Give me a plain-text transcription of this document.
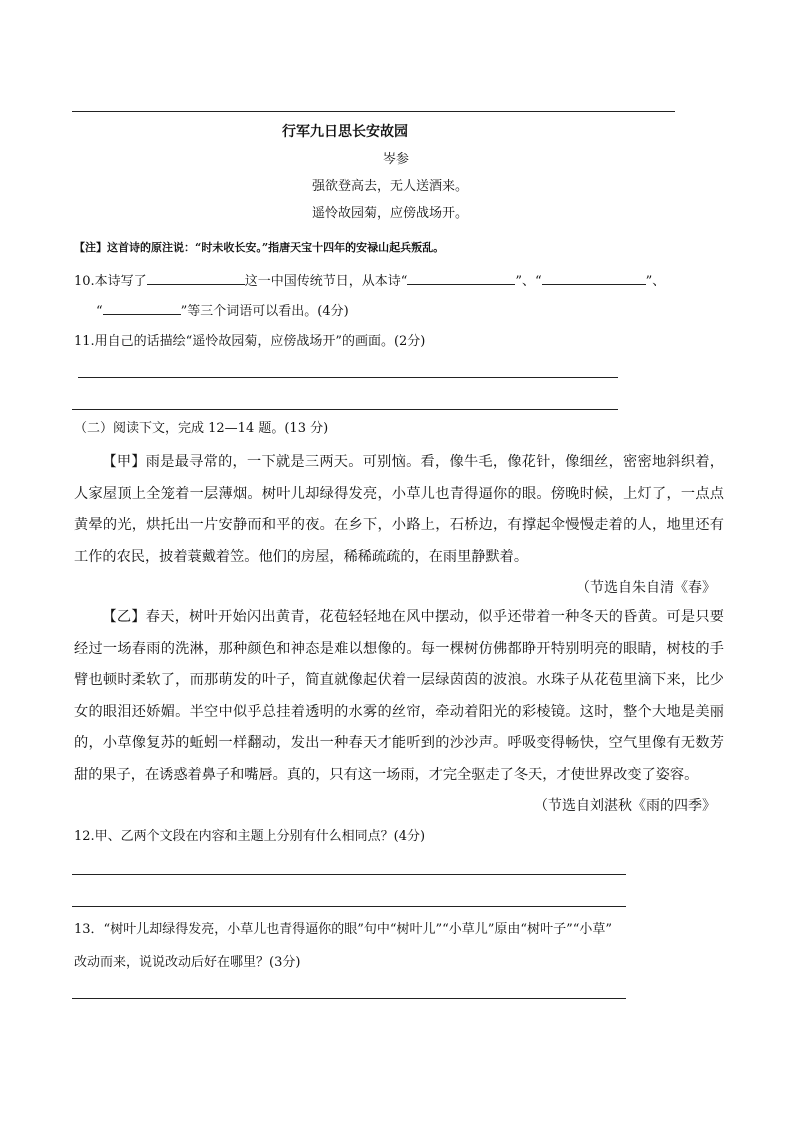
行军九日思长安故园
岑参
强欲登高去，无人送酒来。
遥怜故园菊，应傍战场开。
【注】这首诗的原注说：“时未收长安。”指唐天宝十四年的安禄山起兵叛乱。
10.本诗写了	这一中国传统节日，从本诗“	”、“	”、
“	”等三个词语可以看出。(4分)
11.用自己的话描绘“遥怜故园菊，应傍战场开”的画面。(2分)
（二）阅读下文，完成 12—14 题。(13 分)
【甲】雨是最寻常的，一下就是三两天。可别恼。看，像牛毛，像花针，像细丝，密密地斜织着，人家屋顶上全笼着一层薄烟。树叶儿却绿得发亮，小草儿也青得逼你的眼。傍晚时候，上灯了，一点点黄晕的光，烘托出一片安静而和平的夜。在乡下，小路上，石桥边，有撑起伞慢慢走着的人，地里还有工作的农民，披着蓑戴着笠。他们的房屋，稀稀疏疏的，在雨里静默着。
（节选自朱自清《春》
【乙】春天，树叶开始闪出黄青，花苞轻轻地在风中摆动，似乎还带着一种冬天的昏黄。可是只要经过一场春雨的洗淋，那种颜色和神态是难以想像的。每一棵树仿佛都睁开特别明亮的眼睛，树枝的手臂也顿时柔软了，而那萌发的叶子，简直就像起伏着一层绿茵茵的波浪。水珠子从花苞里滴下来，比少女的眼泪还娇媚。半空中似乎总挂着透明的水雾的丝帘，牵动着阳光的彩棱镜。这时，整个大地是美丽的，小草像复苏的蚯蚓一样翻动，发出一种春天才能听到的沙沙声。呼吸变得畅快，空气里像有无数芳甜的果子，在诱惑着鼻子和嘴唇。真的，只有这一场雨，才完全驱走了冬天，才使世界改变了姿容。
（节选自刘湛秋《雨的四季》
12.甲、乙两个文段在内容和主题上分别有什么相同点？(4分)
13．“树叶儿却绿得发亮，小草儿也青得逼你的眼”句中“树叶儿”“小草儿”原由“树叶子”“小草”
改动而来，说说改动后好在哪里？(3分)
